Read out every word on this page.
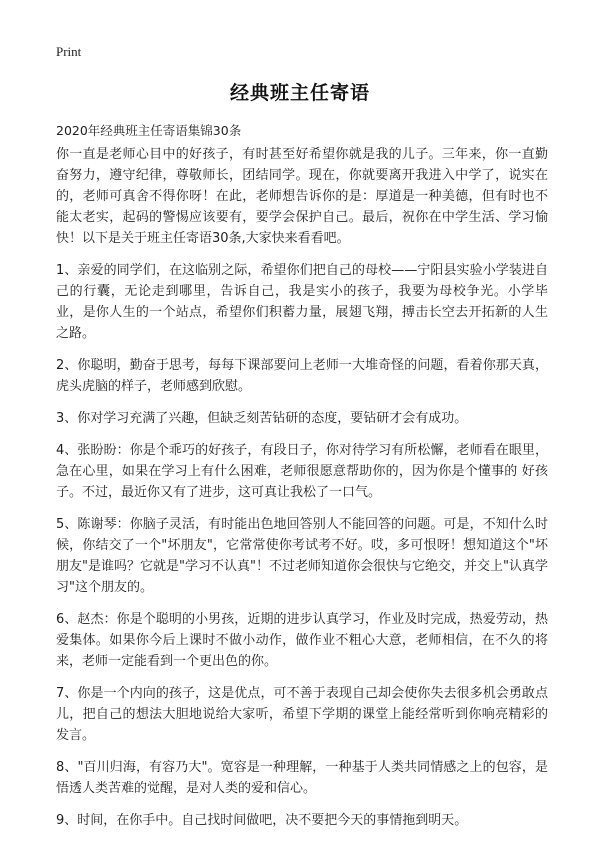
Print
经典班主任寄语
2020年经典班主任寄语集锦30条

你一直是老师心目中的好孩子，有时甚至好希望你就是我的儿子。三年来，你一直勤奋努力，遵守纪律，尊敬师长，团结同学。现在，你就要离开我进入中学了，说实在的，老师可真舍不得你呀！在此，老师想告诉你的是：厚道是一种美德，但有时也不能太老实，起码的警惕应该要有，要学会保护自己。最后，祝你在中学生活、学习愉快！以下是关于班主任寄语30条,大家快来看看吧。

1、亲爱的同学们，在这临别之际，希望你们把自己的母校——宁阳县实验小学装进自己的行囊，无论走到哪里，告诉自己，我是实小的孩子，我要为母校争光。小学毕业，是你人生的一个站点，希望你们积蓄力量，展翅飞翔，搏击长空去开拓新的人生之路。

2、你聪明，勤奋于思考，每每下课部要问上老师一大堆奇怪的问题，看着你那天真，虎头虎脑的样子，老师感到欣慰。

3、你对学习充满了兴趣，但缺乏刻苦钻研的态度，要钻研才会有成功。

4、张盼盼：你是个乖巧的好孩子，有段日子，你对待学习有所松懈，老师看在眼里，急在心里，如果在学习上有什么困难，老师很愿意帮助你的，因为你是个懂事的 好孩子。不过，最近你又有了进步，这可真让我松了一口气。

5、陈谢琴：你脑子灵活，有时能出色地回答别人不能回答的问题。可是，不知什么时候，你结交了一个"坏朋友"，它常常使你考试考不好。哎，多可恨呀！想知道这个"坏朋友"是谁吗？它就是"学习不认真"！不过老师知道你会很快与它绝交，并交上"认真学习"这个朋友的。

6、赵杰：你是个聪明的小男孩，近期的进步认真学习，作业及时完成，热爱劳动，热爱集体。如果你今后上课时不做小动作，做作业不粗心大意，老师相信，在不久的将来，老师一定能看到一个更出色的你。

7、你是一个内向的孩子，这是优点，可不善于表现自己却会使你失去很多机会勇敢点儿，把自己的想法大胆地说给大家听，希望下学期的课堂上能经常听到你响亮精彩的发言。

8、"百川归海，有容乃大"。宽容是一种理解，一种基于人类共同情感之上的包容，是悟透人类苦难的觉醒，是对人类的爱和信心。

9、时间，在你手中。自己找时间做吧，决不要把今天的事情拖到明天。
